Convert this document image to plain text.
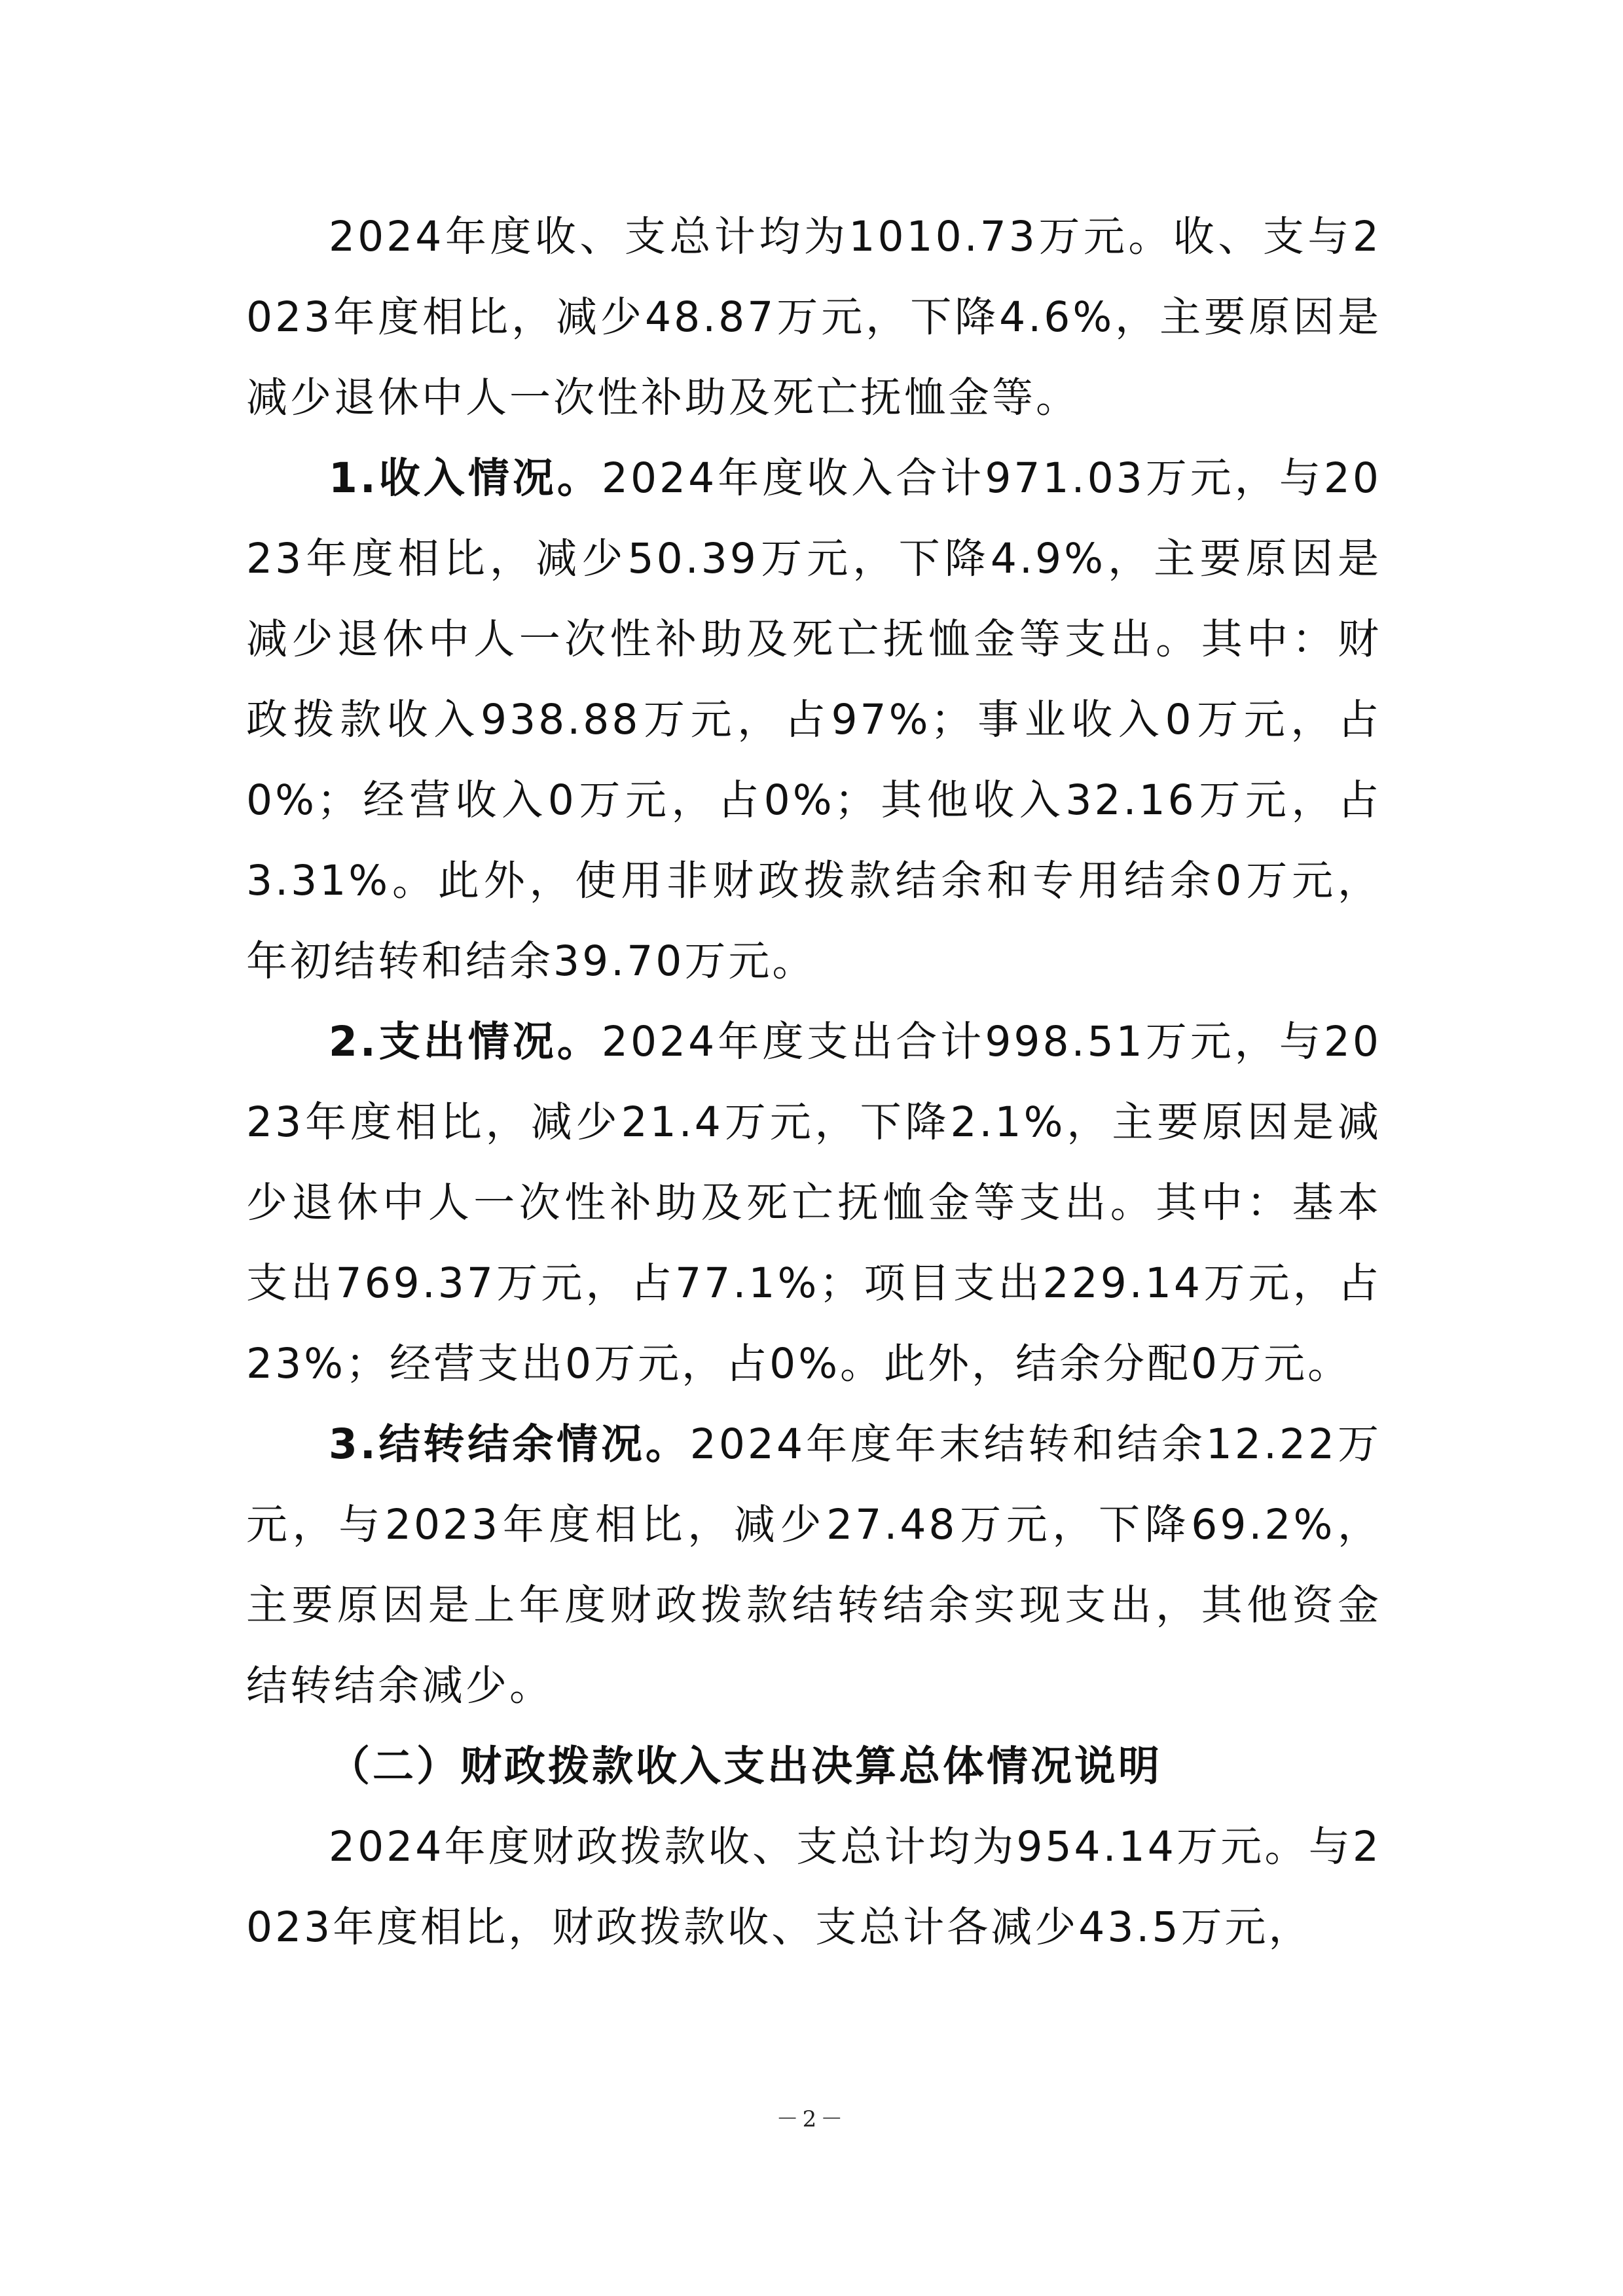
2024年度收、支总计均为1010.73万元。收、支与2023年度相比，减少48.87万元，下降4.6%，主要原因是减少退休中人一次性补助及死亡抚恤金等。

1.收入情况。2024年度收入合计971.03万元，与2023年度相比，减少50.39万元，下降4.9%，主要原因是减少退休中人一次性补助及死亡抚恤金等支出。其中：财政拨款收入938.88万元，占97%；事业收入0万元，占0%；经营收入0万元，占0%；其他收入32.16万元，占3.31%。此外，使用非财政拨款结余和专用结余0万元，年初结转和结余39.70万元。

2.支出情况。2024年度支出合计998.51万元，与2023年度相比，减少21.4万元，下降2.1%，主要原因是减少退休中人一次性补助及死亡抚恤金等支出。其中：基本支出769.37万元，占77.1%；项目支出229.14万元，占23%；经营支出0万元，占0%。此外，结余分配0万元。

3.结转结余情况。2024年度年末结转和结余12.22万元，与2023年度相比，减少27.48万元，下降69.2%，主要原因是上年度财政拨款结转结余实现支出，其他资金结转结余减少。

（二）财政拨款收入支出决算总体情况说明

2024年度财政拨款收、支总计均为954.14万元。与2023年度相比，财政拨款收、支总计各减少43.5万元，

－2－
